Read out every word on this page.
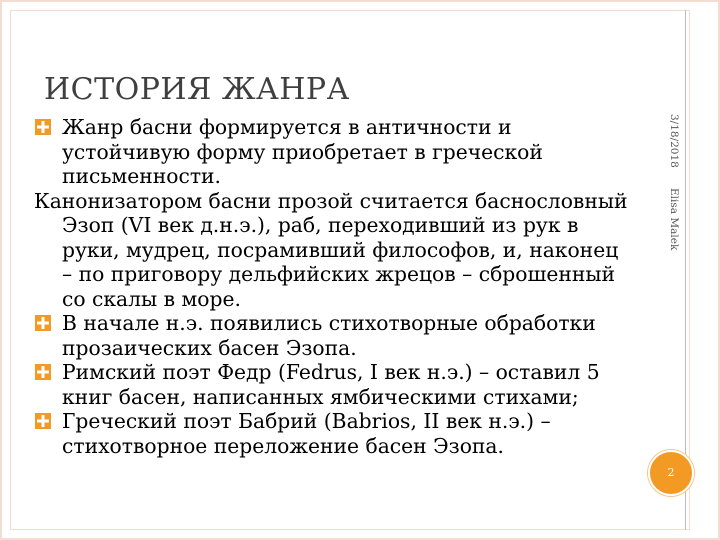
ИСТОРИЯ ЖАНРА
3/18/2018
Elisa Malek
2

Жанр басни формируется в античности и устойчивую форму приобретает в греческой письменности.

Канонизатором басни прозой считается баснословный Эзоп (VI век д.н.э.), раб, переходивший из рук в руки, мудрец, посрамивший философов, и, наконец – по приговору дельфийских жрецов – сброшенный со скалы в море.

В начале н.э. появились стихотворные обработки прозаических басен Эзопа.

Римский поэт Федр (Fedrus, I век н.э.) – оставил 5 книг басен, написанных ямбическими стихами;

Греческий поэт Бабрий (Babrios, II век н.э.) – стихотворное переложение басен Эзопа.
